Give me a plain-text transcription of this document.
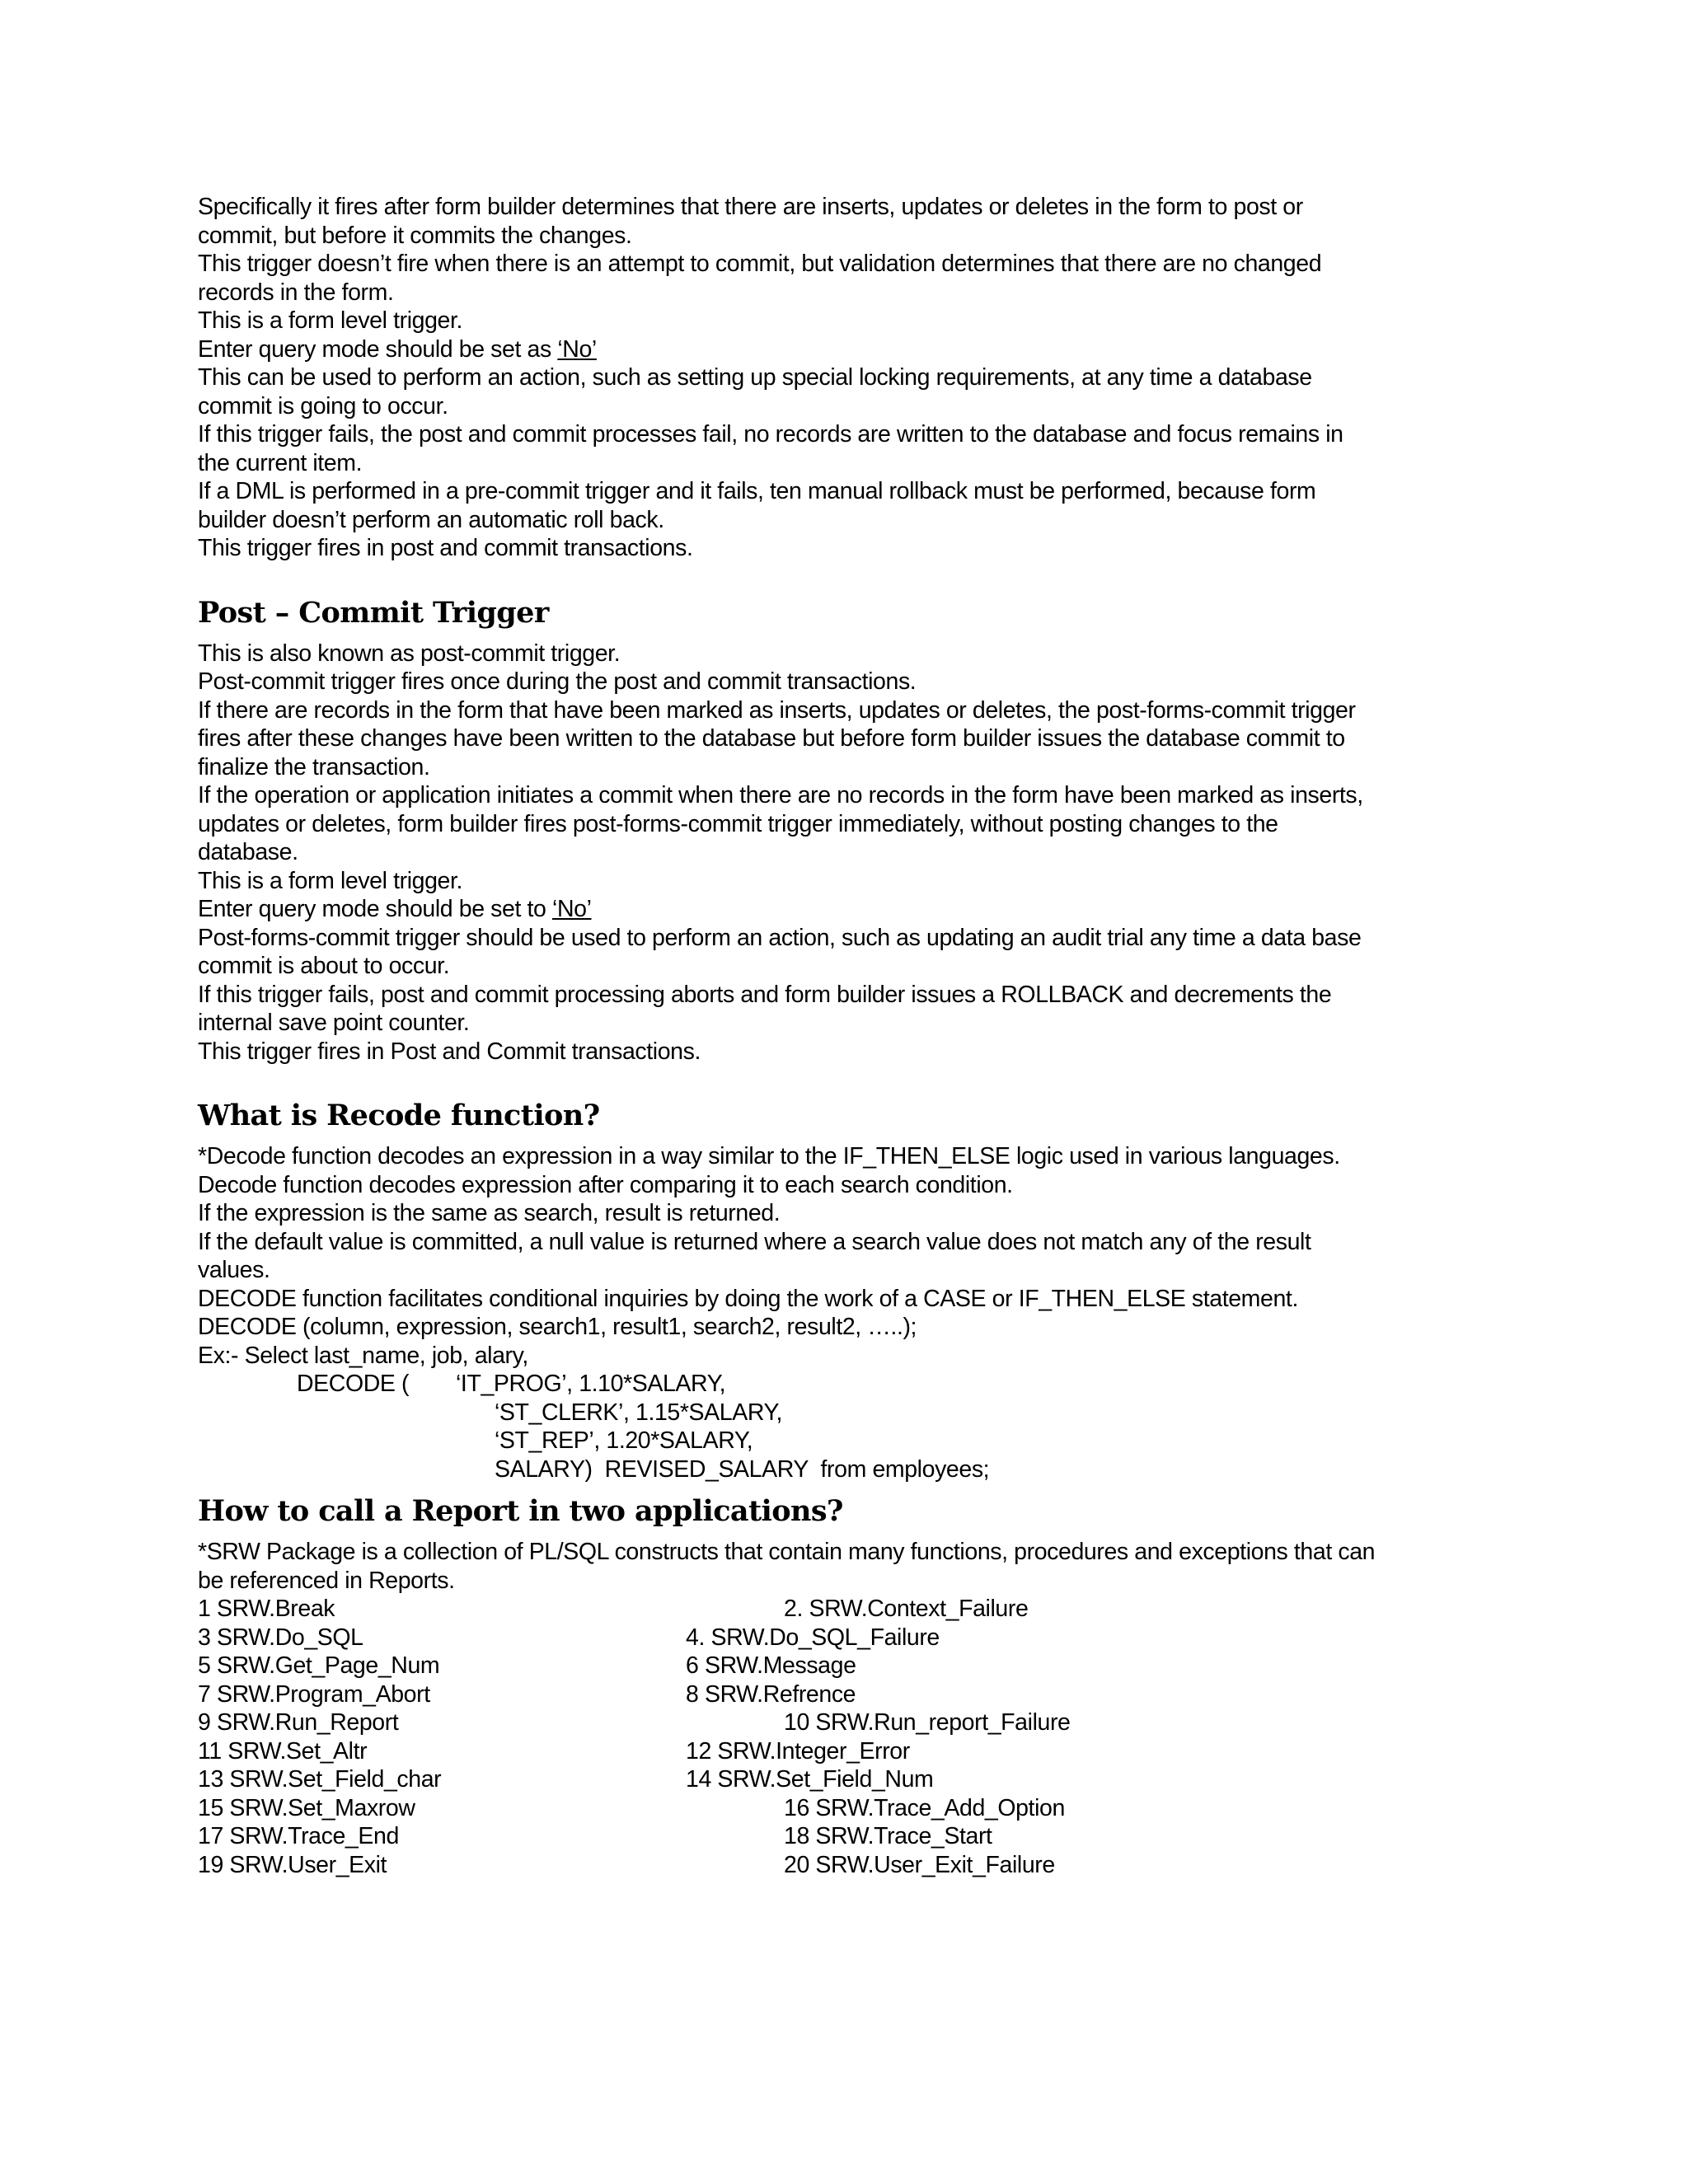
Specifically it fires after form builder determines that there are inserts, updates or deletes in the form to post or

commit, but before it commits the changes.

This trigger doesn’t fire when there is an attempt to commit, but validation determines that there are no changed

records in the form.

This is a form level trigger.

Enter query mode should be set as ‘No’

This can be used to perform an action, such as setting up special locking requirements, at any time a database

commit is going to occur.

If this trigger fails, the post and commit processes fail, no records are written to the database and focus remains in

the current item.

If a DML is performed in a pre-commit trigger and it fails, ten manual rollback must be performed, because form

builder doesn’t perform an automatic roll back.

This trigger fires in post and commit transactions.

Post – Commit Trigger

This is also known as post-commit trigger.

Post-commit trigger fires once during the post and commit transactions.

If there are records in the form that have been marked as inserts, updates or deletes, the post-forms-commit trigger

fires after these changes have been written to the database but before form builder issues the database commit to

finalize the transaction.

If the operation or application initiates a commit when there are no records in the form have been marked as inserts,

updates or deletes, form builder fires post-forms-commit trigger immediately, without posting changes to the

database.

This is a form level trigger.

Enter query mode should be set to ‘No’

Post-forms-commit trigger should be used to perform an action, such as updating an audit trial any time a data base

commit is about to occur.

If this trigger fails, post and commit processing aborts and form builder issues a ROLLBACK and decrements the

internal save point counter.

This trigger fires in Post and Commit transactions.

What is Recode function?

*Decode function decodes an expression in a way similar to the IF_THEN_ELSE logic used in various languages.

Decode function decodes expression after comparing it to each search condition.

If the expression is the same as search, result is returned.

If the default value is committed, a null value is returned where a search value does not match any of the result

values.

DECODE function facilitates conditional inquiries by doing the work of a CASE or IF_THEN_ELSE statement.

DECODE (column, expression, search1, result1, search2, result2, …..);

Ex:- Select last_name, job, alary,

DECODE (

‘IT_PROG’, 1.10*SALARY,

‘ST_CLERK’, 1.15*SALARY,

‘ST_REP’, 1.20*SALARY,

SALARY)  REVISED_SALARY  from employees;

How to call a Report in two applications?

*SRW Package is a collection of PL/SQL constructs that contain many functions, procedures and exceptions that can

be referenced in Reports.

1 SRW.Break	2. SRW.Context_Failure
3 SRW.Do_SQL	4. SRW.Do_SQL_Failure
5 SRW.Get_Page_Num	6 SRW.Message
7 SRW.Program_Abort	8 SRW.Refrence
9 SRW.Run_Report	10 SRW.Run_report_Failure
11 SRW.Set_Altr	12 SRW.Integer_Error
13 SRW.Set_Field_char	14 SRW.Set_Field_Num
15 SRW.Set_Maxrow	16 SRW.Trace_Add_Option
17 SRW.Trace_End	18 SRW.Trace_Start
19 SRW.User_Exit	20 SRW.User_Exit_Failure
